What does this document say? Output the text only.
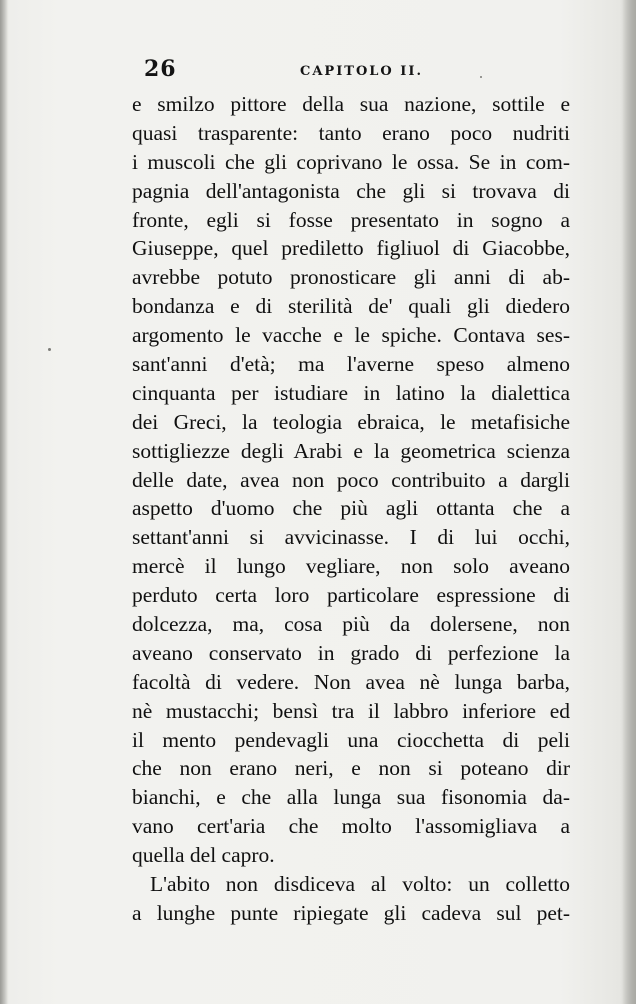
26	CAPITOLO II.
e smilzo pittore della sua nazione, sottile e
quasi trasparente: tanto erano poco nudriti
i muscoli che gli coprivano le ossa. Se in com-
pagnia dell'antagonista che gli si trovava di
fronte, egli si fosse presentato in sogno a
Giuseppe, quel prediletto figliuol di Giacobbe,
avrebbe potuto pronosticare gli anni di ab-
bondanza e di sterilità de' quali gli diedero
argomento le vacche e le spiche. Contava ses-
sant'anni d'età; ma l'averne speso almeno
cinquanta per istudiare in latino la dialettica
dei Greci, la teologia ebraica, le metafisiche
sottigliezze degli Arabi e la geometrica scienza
delle date, avea non poco contribuito a dargli
aspetto d'uomo che più agli ottanta che a
settant'anni si avvicinasse. I di lui occhi,
mercè il lungo vegliare, non solo aveano
perduto certa loro particolare espressione di
dolcezza, ma, cosa più da dolersene, non
aveano conservato in grado di perfezione la
facoltà di vedere. Non avea nè lunga barba,
nè mustacchi; bensì tra il labbro inferiore ed
il mento pendevagli una ciocchetta di peli
che non erano neri, e non si poteano dir
bianchi, e che alla lunga sua fisonomia da-
vano cert'aria che molto l'assomigliava a
quella del capro.
L'abito non disdiceva al volto: un colletto
a lunghe punte ripiegate gli cadeva sul pet-
